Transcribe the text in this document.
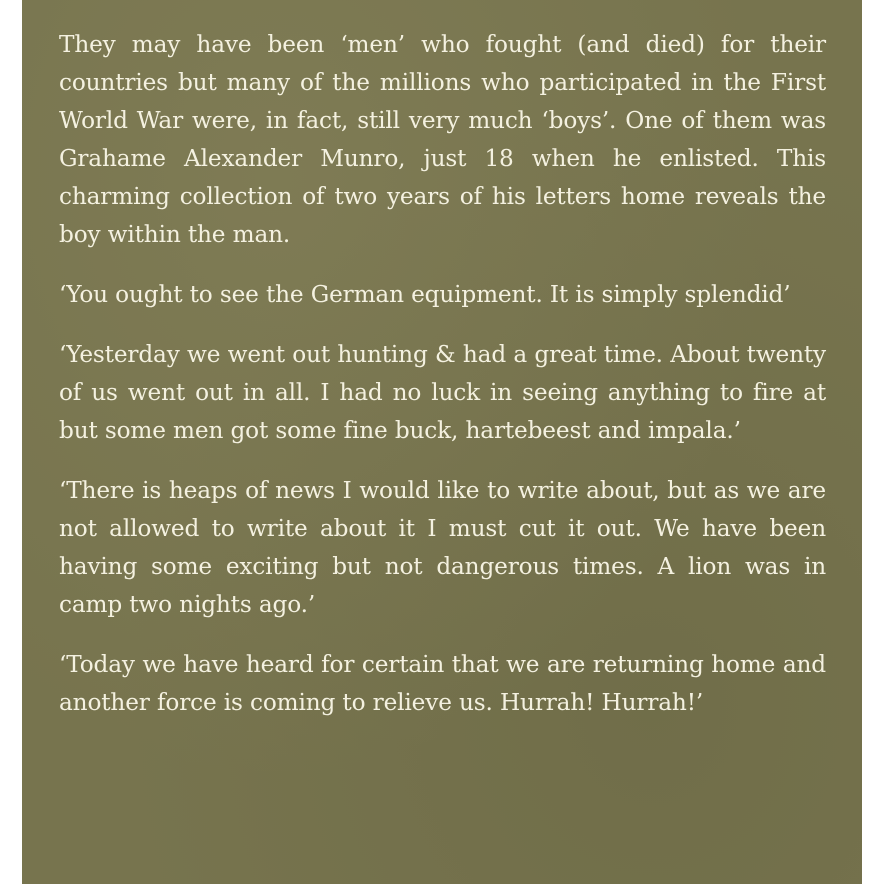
They may have been ‘men’ who fought (and died) for their countries but many of the millions who participated in the First World War were, in fact, still very much ‘boys’. One of them was Grahame Alexander Munro, just 18 when he enlisted. This charming collection of two years of his letters home reveals the boy within the man.

‘You ought to see the German equipment. It is simply splendid’

‘Yesterday we went out hunting & had a great time. About twenty of us went out in all. I had no luck in seeing anything to fire at but some men got some fine buck, hartebeest and impala.’

‘There is heaps of news I would like to write about, but as we are not allowed to write about it I must cut it out. We have been having some exciting but not dangerous times. A lion was in camp two nights ago.’

‘Today we have heard for certain that we are returning home and another force is coming to relieve us. Hurrah! Hurrah!’
